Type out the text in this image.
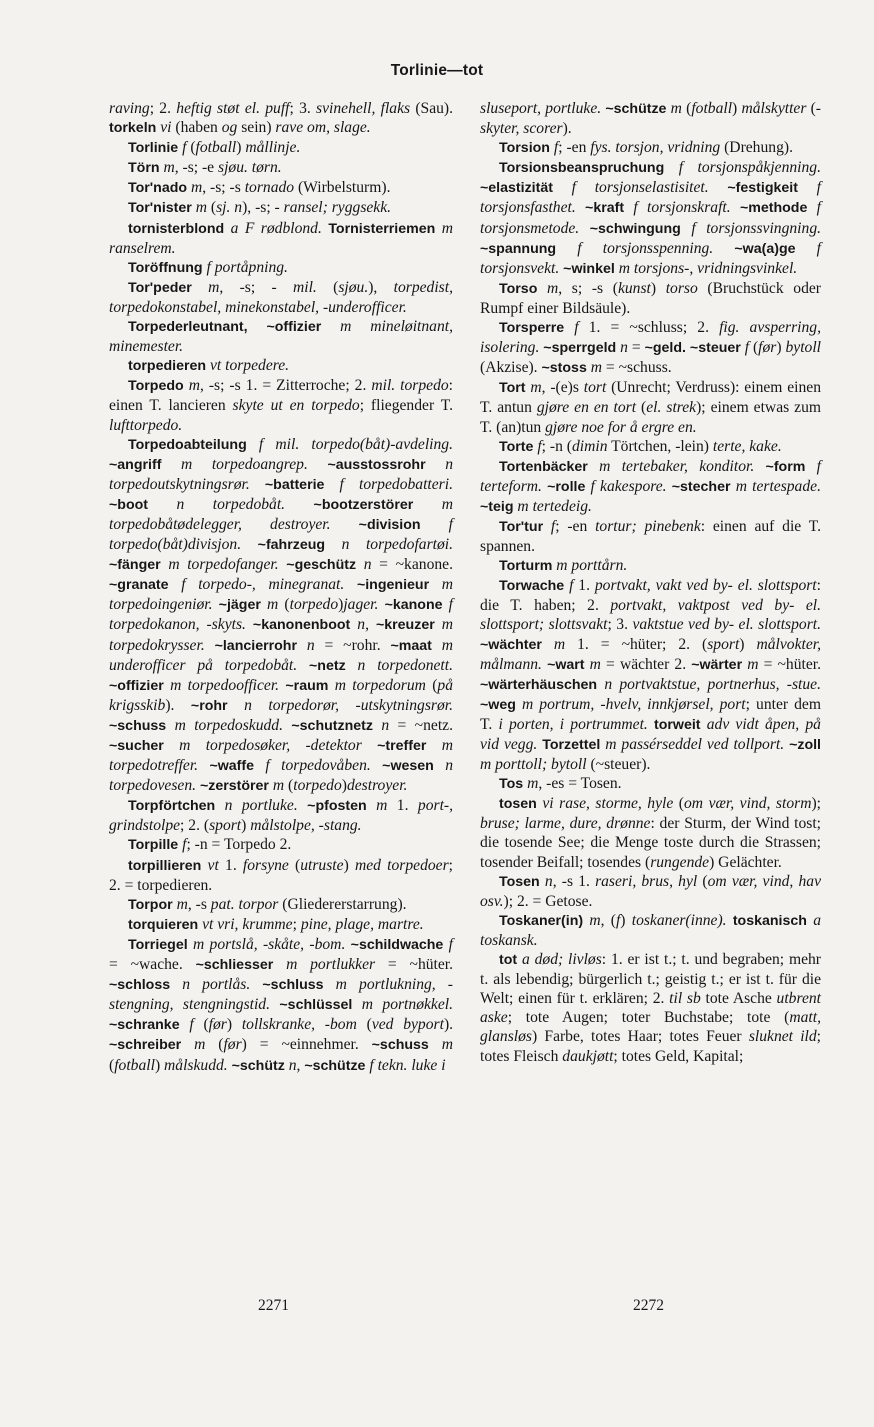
Torlinie—tot

raving; 2. heftig støt el. puff; 3. svinehell, flaks (Sau). torkeln vi (haben og sein) rave om, slage.

Torlinie f (fotball) mållinje.

Törn m, -s; -e sjøu. tørn.

Tor'nado m, -s; -s tornado (Wirbelsturm).

Tor'nister m (sj. n), -s; - ransel; ryggsekk.

tornisterblond a F rødblond. Tornisterriemen m ranselrem.

Toröffnung f portåpning.

Tor'peder m, -s; - mil. (sjøu.), torpedist, torpedokonstabel, minekonstabel, -underofficer.

Torpederleutnant, ~offizier m mineløitnant, minemester.

torpedieren vt torpedere.

Torpedo m, -s; -s 1. = Zitterroche; 2. mil. torpedo: einen T. lancieren skyte ut en torpedo; fliegender T. lufttorpedo.

Torpedoabteilung f mil. torpedo(båt)-avdeling. ~angriff m torpedoangrep. ~ausstossrohr n torpedoutskytningsrør. ~batterie f torpedobatteri. ~boot n torpedobåt. ~bootzerstörer m torpedobåtødelegger, destroyer. ~division f torpedo(båt)divisjon. ~fahrzeug n torpedofartøi. ~fänger m torpedofanger. ~geschütz n = ~kanone. ~granate f torpedo-, minegranat. ~ingenieur m torpedoingeniør. ~jäger m (torpedo)jager. ~kanone f torpedokanon, -skyts. ~kanonenboot n, ~kreuzer m torpedokrysser. ~lancierrohr n = ~rohr. ~maat m underofficer på torpedobåt. ~netz n torpedonett. ~offizier m torpedoofficer. ~raum m torpedorum (på krigsskib). ~rohr n torpedorør, -utskytningsrør. ~schuss m torpedoskudd. ~schutznetz n = ~netz. ~sucher m torpedosøker, -detektor ~treffer m torpedotreffer. ~waffe f torpedovåben. ~wesen n torpedovesen. ~zerstörer m (torpedo)destroyer.

Torpförtchen n portluke. ~pfosten m 1. port-, grindstolpe; 2. (sport) målstolpe, -stang.

Torpille f; -n = Torpedo 2.

torpillieren vt 1. forsyne (utruste) med torpedoer; 2. = torpedieren.

Torpor m, -s pat. torpor (Gliedererstarrung).

torquieren vt vri, krumme; pine, plage, martre.

Torriegel m portslå, -skåte, -bom. ~schildwache f = ~wache. ~schliesser m portlukker = ~hüter. ~schloss n portlås. ~schluss m portlukning, -stengning, stengningstid. ~schlüssel m portnøkkel. ~schranke f (før) tollskranke, -bom (ved byport). ~schreiber m (før) = ~einnehmer. ~schuss m (fotball) målskudd. ~schütz n, ~schütze f tekn. luke i

sluseport, portluke. ~schütze m (fotball) målskytter (-skyter, scorer).

Torsion f; -en fys. torsjon, vridning (Drehung).

Torsionsbeanspruchung f torsjonspåkjenning. ~elastizität f torsjonselastisitet. ~festigkeit f torsjonsfasthet. ~kraft f torsjonskraft. ~methode f torsjonsmetode. ~schwingung f torsjonssvingning. ~spannung f torsjonsspenning. ~wa(a)ge f torsjonsvekt. ~winkel m torsjons-, vridningsvinkel.

Torso m, s; -s (kunst) torso (Bruchstück oder Rumpf einer Bildsäule).

Torsperre f 1. = ~schluss; 2. fig. avsperring, isolering. ~sperrgeld n = ~geld. ~steuer f (før) bytoll (Akzise). ~stoss m = ~schuss.

Tort m, -(e)s tort (Unrecht; Verdruss): einem einen T. antun gjøre en en tort (el. strek); einem etwas zum T. (an)tun gjøre noe for å ergre en.

Torte f; -n (dimin Törtchen, -lein) terte, kake.

Tortenbäcker m tertebaker, konditor. ~form f terteform. ~rolle f kakespore. ~stecher m tertespade. ~teig m tertedeig.

Tor'tur f; -en tortur; pinebenk: einen auf die T. spannen.

Torturm m porttårn.

Torwache f 1. portvakt, vakt ved by- el. slottsport: die T. haben; 2. portvakt, vaktpost ved by- el. slottsport; slottsvakt; 3. vaktstue ved by- el. slottsport. ~wächter m 1. = ~hüter; 2. (sport) målvokter, målmann. ~wart m = wächter 2. ~wärter m = ~hüter. ~wärterhäuschen n portvaktstue, portnerhus, -stue. ~weg m portrum, -hvelv, innkjørsel, port; unter dem T. i porten, i portrummet. torweit adv vidt åpen, på vid vegg. Torzettel m passérseddel ved tollport. ~zoll m porttoll; bytoll (~steuer).

Tos m, -es = Tosen.

tosen vi rase, storme, hyle (om vær, vind, storm); bruse; larme, dure, drønne: der Sturm, der Wind tost; die tosende See; die Menge toste durch die Strassen; tosender Beifall; tosendes (rungende) Gelächter.

Tosen n, -s 1. raseri, brus, hyl (om vær, vind, hav osv.); 2. = Getose.

Toskaner(in) m, (f) toskaner(inne). toskanisch a toskansk.

tot a død; livløs: 1. er ist t.; t. und begraben; mehr t. als lebendig; bürgerlich t.; geistig t.; er ist t. für die Welt; einen für t. erklären; 2. til sb tote Asche utbrent aske; tote Augen; toter Buchstabe; tote (matt, glansløs) Farbe, totes Haar; totes Feuer sluknet ild; totes Fleisch daukjøtt; totes Geld, Kapital;

2271	2272
